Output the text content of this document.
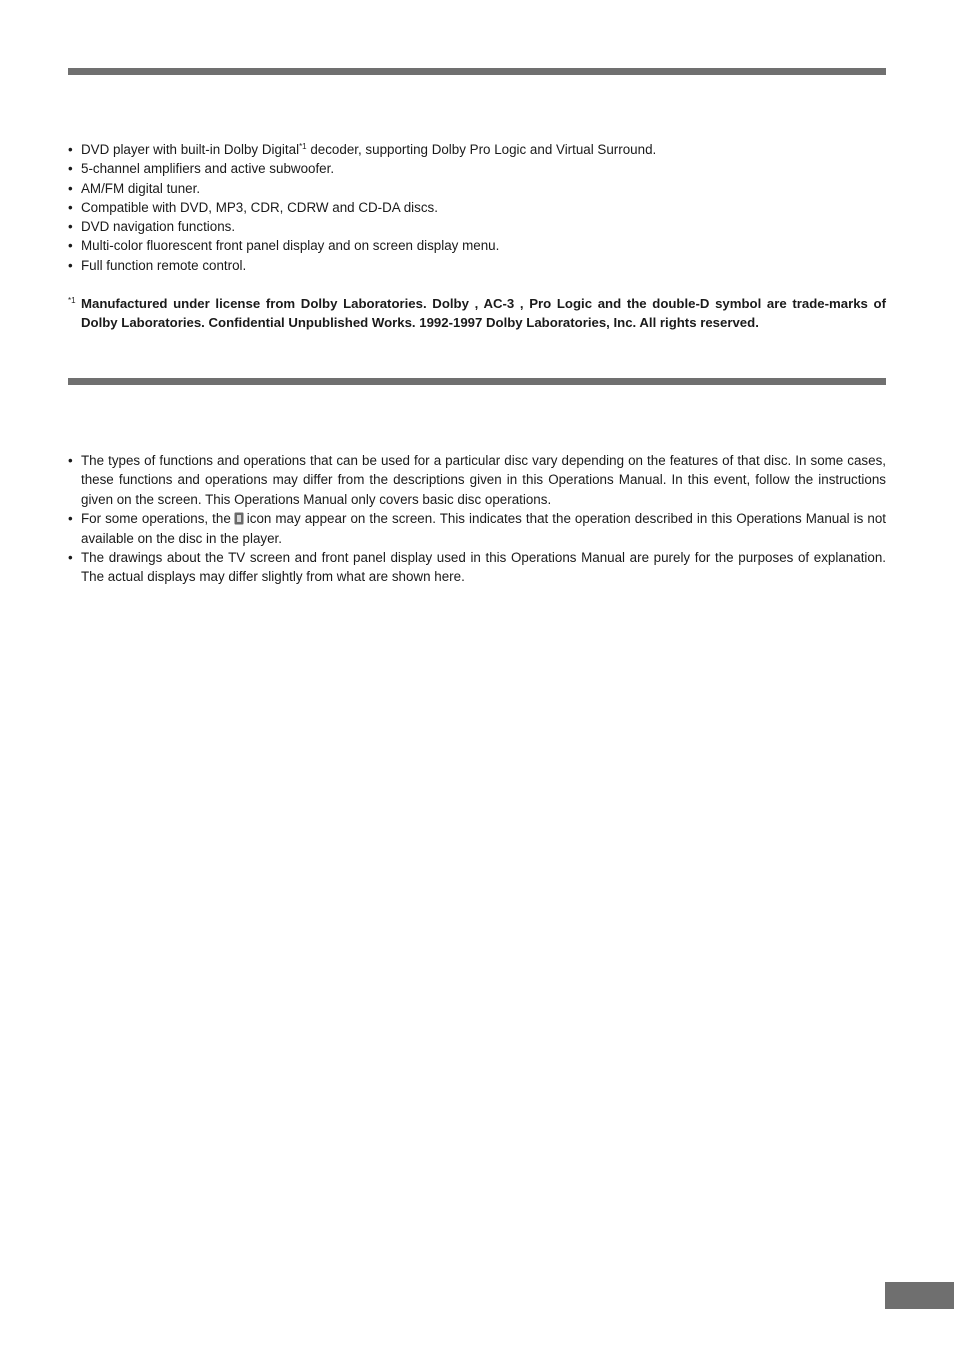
• DVD player with built-in Dolby Digital$^{*1}$ decoder, supporting Dolby Pro Logic and Virtual Surround.
• 5-channel amplifiers and active subwoofer.
• AM/FM digital tuner.
• Compatible with DVD, MP3, CDR, CDRW and CD-DA discs.
• DVD navigation functions.
• Multi-color fluorescent front panel display and on screen display menu.
• Full function remote control.
*1 Manufactured under license from Dolby Laboratories. Dolby , AC-3 , Pro Logic and the double-D symbol are trade-marks of Dolby Laboratories. Confidential Unpublished Works. 1992-1997 Dolby Laboratories, Inc. All rights reserved.
• The types of functions and operations that can be used for a particular disc vary depending on the features of that disc. In some cases, these functions and operations may differ from the descriptions given in this Operations Manual. In this event, follow the instructions given on the screen. This Operations Manual only covers basic disc operations.
• For some operations, the icon may appear on the screen. This indicates that the operation described in this Operations Manual is not available on the disc in the player.
• The drawings about the TV screen and front panel display used in this Operations Manual are purely for the purposes of explanation. The actual displays may differ slightly from what are shown here.
